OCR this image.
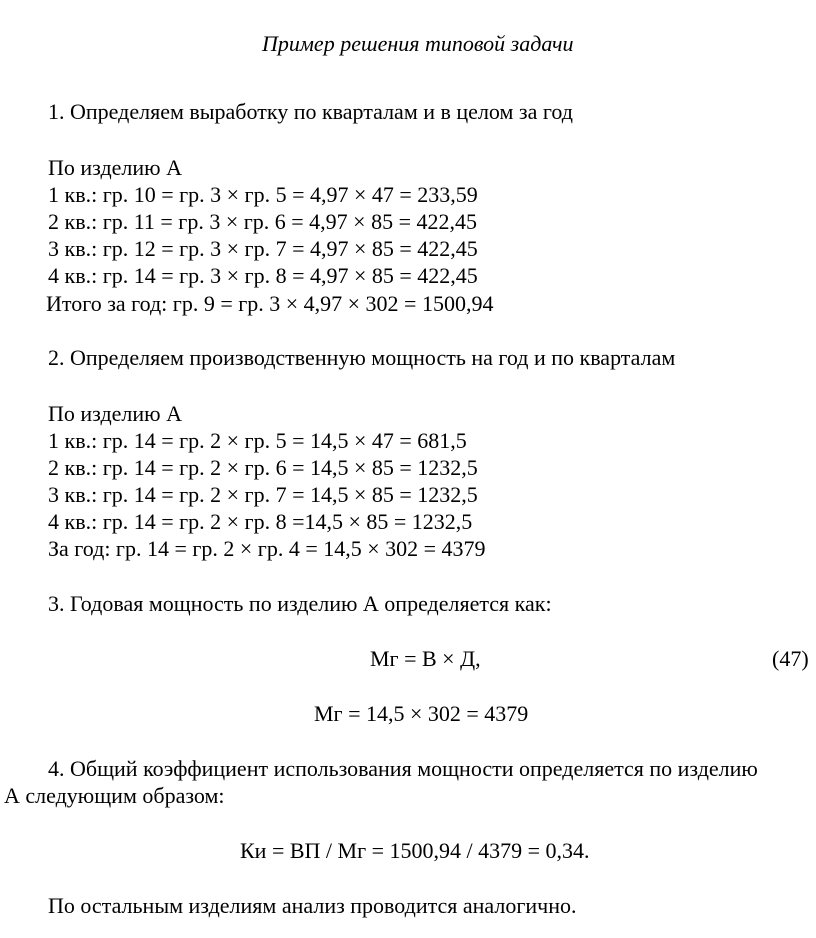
Пример решения типовой задачи
1. Определяем выработку по кварталам и в целом за год
По изделию А
1 кв.: гр. 10 = гр. 3 × гр. 5 = 4,97 × 47 = 233,59
2 кв.: гр. 11 = гр. 3 × гр. 6 = 4,97 × 85 = 422,45
3 кв.: гр. 12 = гр. 3 × гр. 7 = 4,97 × 85 = 422,45
4 кв.: гр. 14 = гр. 3 × гр. 8 = 4,97 × 85 = 422,45
Итого за год: гр. 9 = гр. 3 × 4,97 × 302 = 1500,94
2. Определяем производственную мощность на год и по кварталам
По изделию А
1 кв.: гр. 14 = гр. 2 × гр. 5 = 14,5 × 47 = 681,5
2 кв.: гр. 14 = гр. 2 × гр. 6 = 14,5 × 85 = 1232,5
3 кв.: гр. 14 = гр. 2 × гр. 7 = 14,5 × 85 = 1232,5
4 кв.: гр. 14 = гр. 2 × гр. 8 =14,5 × 85 = 1232,5
За год: гр. 14 = гр. 2 × гр. 4 = 14,5 × 302 = 4379
3. Годовая мощность по изделию А определяется как:
Мг = В × Д,	(47)
Мг = 14,5 × 302 = 4379
4. Общий коэффициент использования мощности определяется по изделию
А следующим образом:
Ки = ВП / Мг = 1500,94 / 4379 = 0,34.
По остальным изделиям анализ проводится аналогично.
